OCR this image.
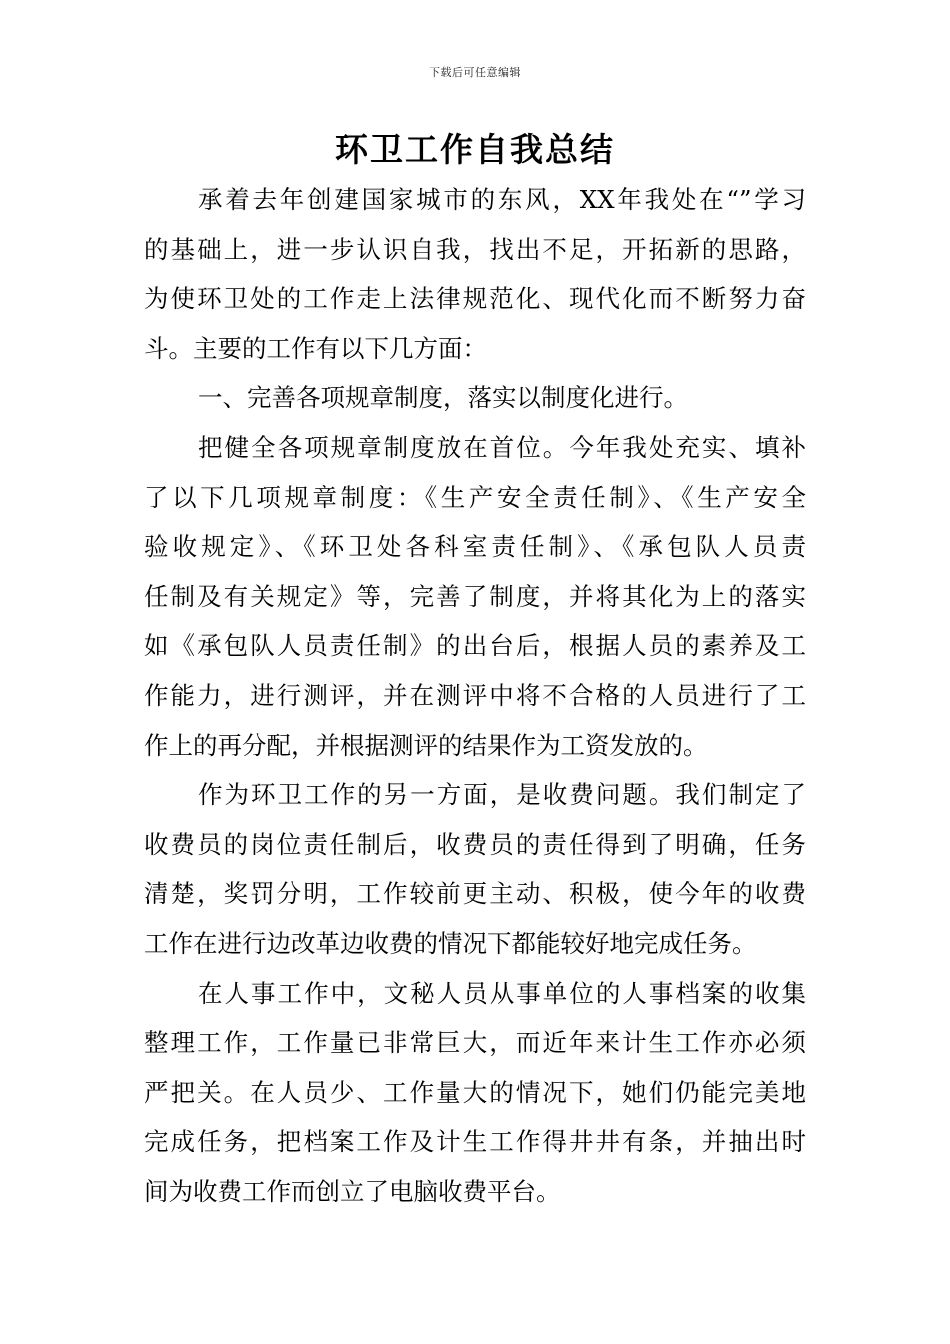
下载后可任意编辑
环卫工作自我总结
承着去年创建国家城市的东风，XX年我处在“”学习
的基础上，进一步认识自我，找出不足，开拓新的思路，
为使环卫处的工作走上法律规范化、现代化而不断努力奋
斗。主要的工作有以下几方面：
一、完善各项规章制度，落实以制度化进行。
把健全各项规章制度放在首位。今年我处充实、填补
了以下几项规章制度：《生产安全责任制》、《生产安全
验收规定》、《环卫处各科室责任制》、《承包队人员责
任制及有关规定》等，完善了制度，并将其化为上的落实
如《承包队人员责任制》的出台后，根据人员的素养及工
作能力，进行测评，并在测评中将不合格的人员进行了工
作上的再分配，并根据测评的结果作为工资发放的。
作为环卫工作的另一方面，是收费问题。我们制定了
收费员的岗位责任制后，收费员的责任得到了明确，任务
清楚，奖罚分明，工作较前更主动、积极，使今年的收费
工作在进行边改革边收费的情况下都能较好地完成任务。
在人事工作中，文秘人员从事单位的人事档案的收集
整理工作，工作量已非常巨大，而近年来计生工作亦必须
严把关。在人员少、工作量大的情况下，她们仍能完美地
完成任务，把档案工作及计生工作得井井有条，并抽出时
间为收费工作而创立了电脑收费平台。
